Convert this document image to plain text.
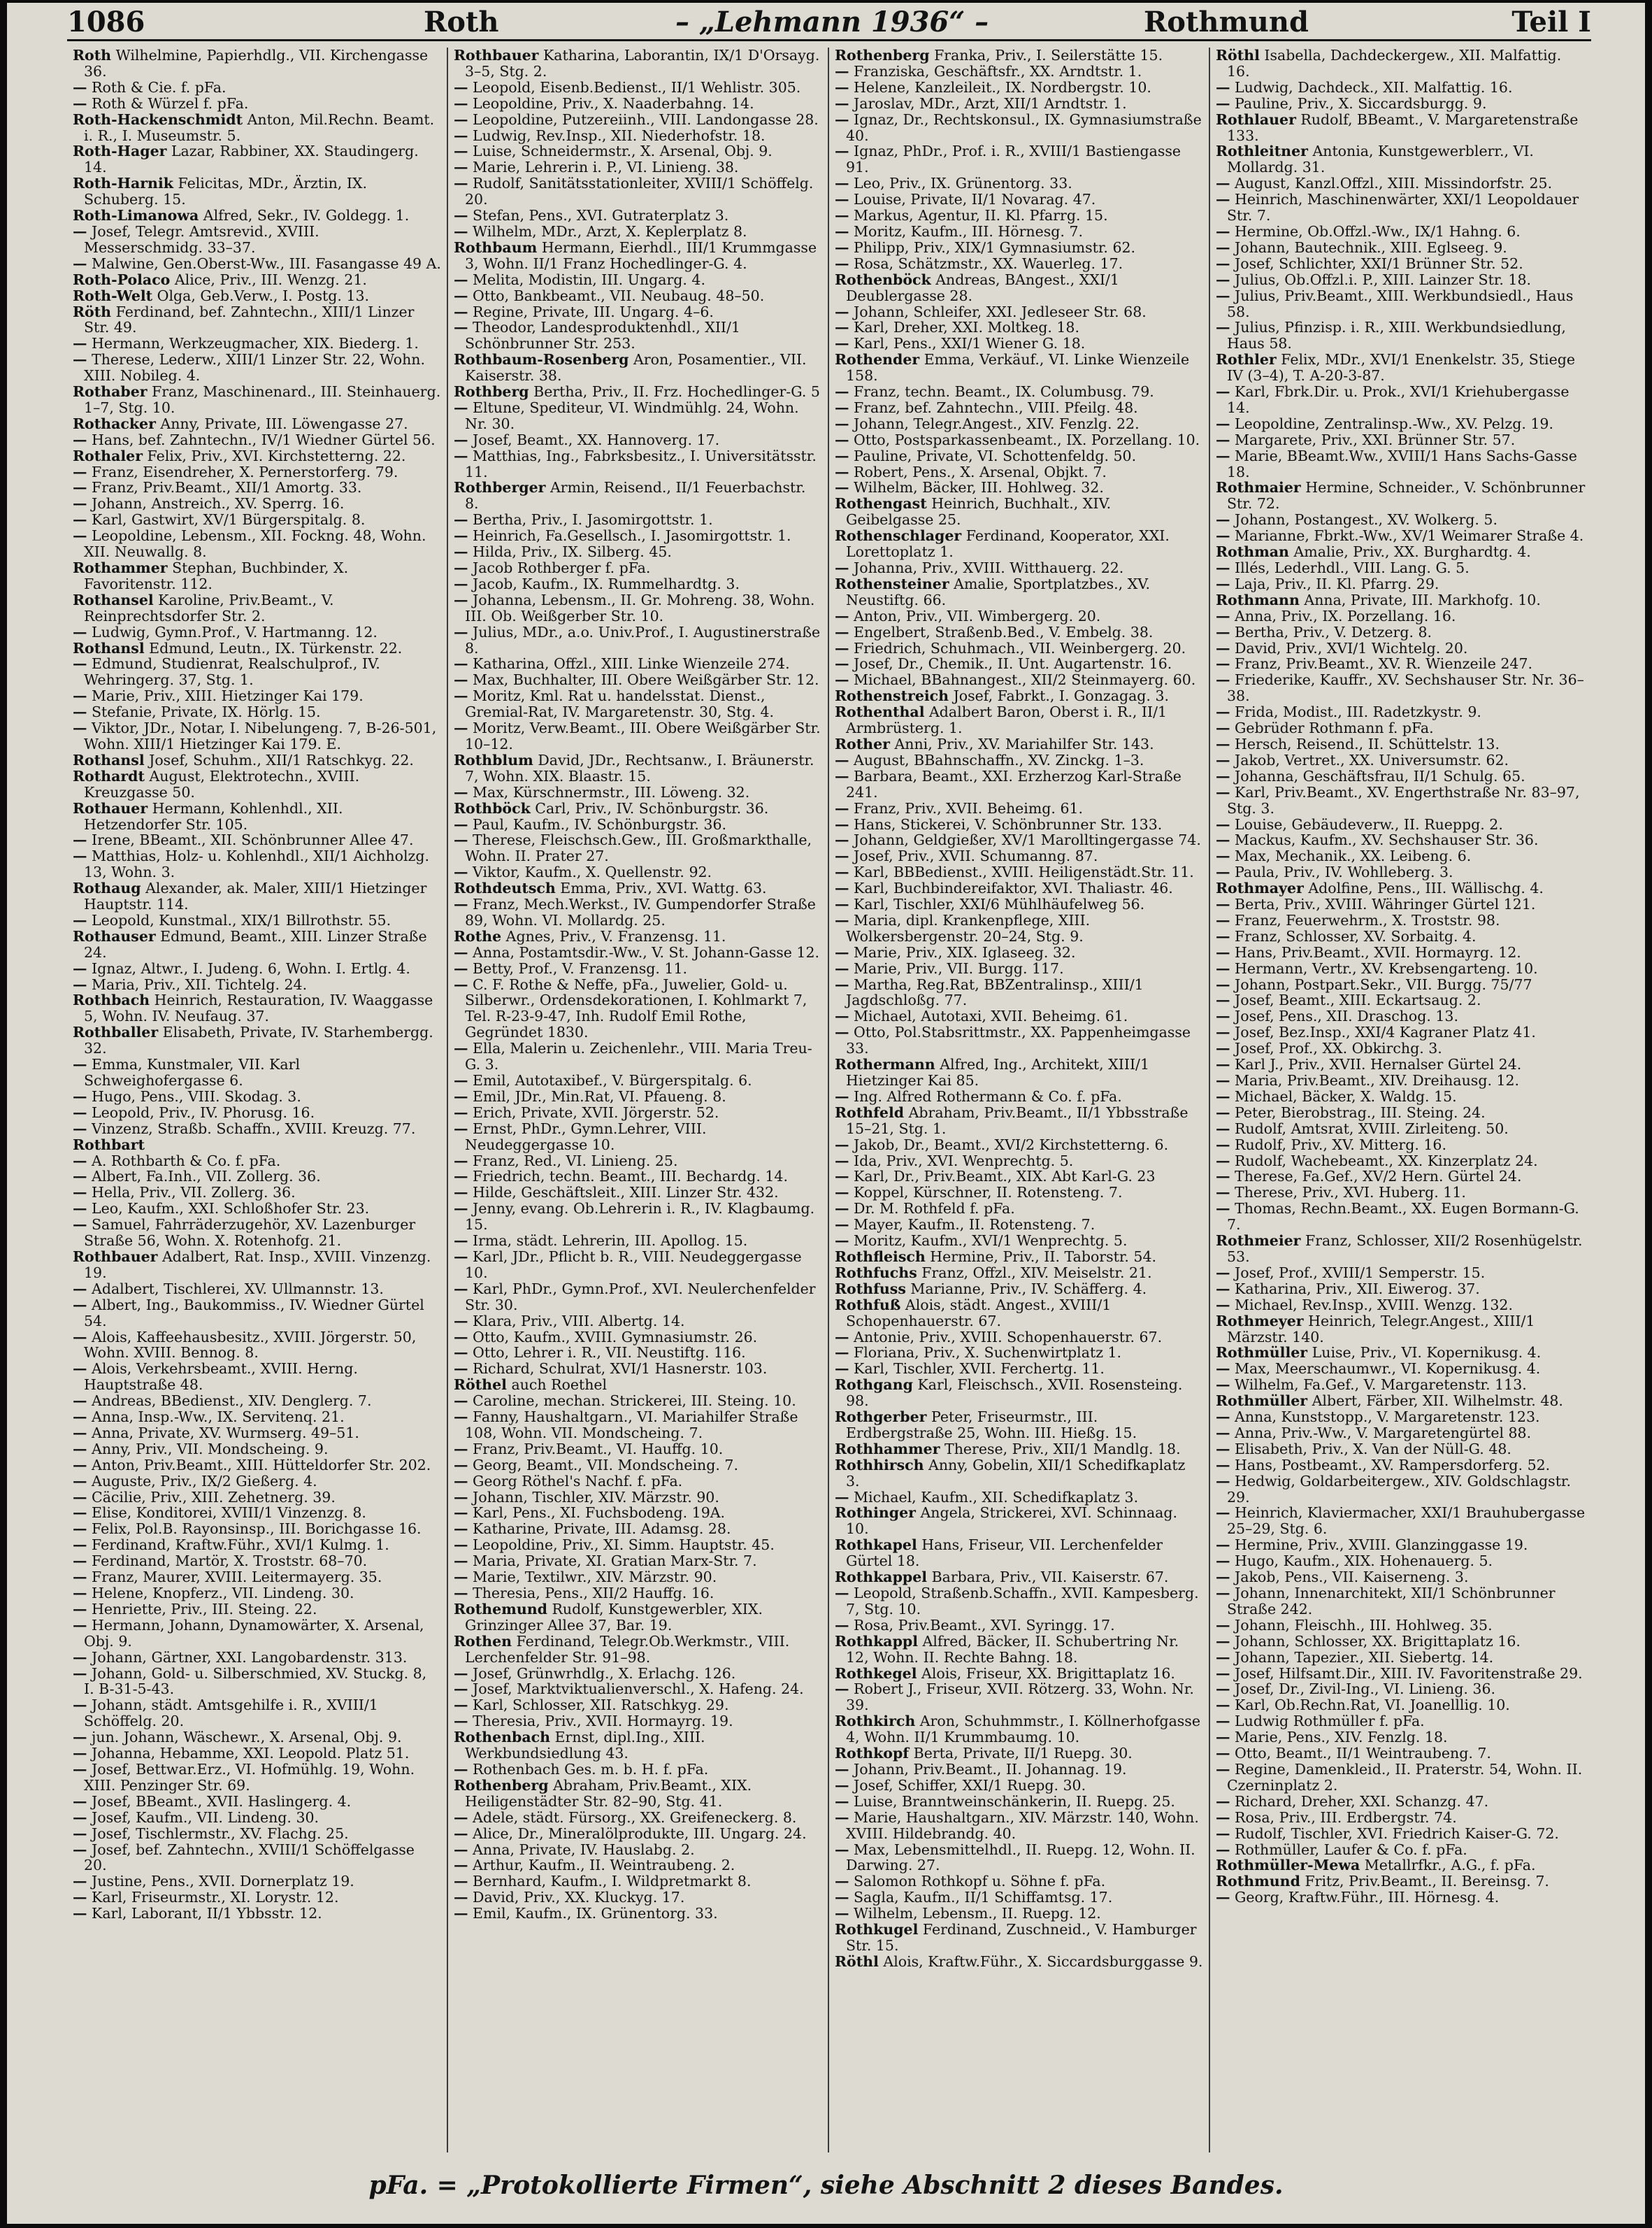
1086	Roth	– „Lehmann 1936“ –	Rothmund	Teil I
Roth Wilhelmine, Papierhdlg., VII. Kirchengasse 36.
— Roth & Cie. f. pFa.
— Roth & Würzel f. pFa.
Roth-Hackenschmidt Anton, Mil.Rechn. Beamt. i. R., I. Museumstr. 5.
Roth-Hager Lazar, Rabbiner, XX. Staudingerg. 14.
Roth-Harnik Felicitas, MDr., Ärztin, IX. Schuberg. 15.
Roth-Limanowa Alfred, Sekr., IV. Goldegg. 1.
— Josef, Telegr. Amtsrevid., XVIII. Messerschmidg. 33–37.
— Malwine, Gen.Oberst-Ww., III. Fasangasse 49 A.
Roth-Polaco Alice, Priv., III. Wenzg. 21.
Roth-Welt Olga, Geb.Verw., I. Postg. 13.
Röth Ferdinand, bef. Zahntechn., XIII/1 Linzer Str. 49.
— Hermann, Werkzeugmacher, XIX. Biederg. 1.
— Therese, Lederw., XIII/1 Linzer Str. 22, Wohn. XIII. Nobileg. 4.
Rothaber Franz, Maschinenard., III. Steinhauerg. 1–7, Stg. 10.
Rothacker Anny, Private, III. Löwengasse 27.
— Hans, bef. Zahntechn., IV/1 Wiedner Gürtel 56.
Rothaler Felix, Priv., XVI. Kirchstetterng. 22.
— Franz, Eisendreher, X. Pernerstorferg. 79.
— Franz, Priv.Beamt., XII/1 Amortg. 33.
— Johann, Anstreich., XV. Sperrg. 16.
— Karl, Gastwirt, XV/1 Bürgerspitalg. 8.
— Leopoldine, Lebensm., XII. Fockng. 48, Wohn. XII. Neuwallg. 8.
Rothammer Stephan, Buchbinder, X. Favoritenstr. 112.
Rothansel Karoline, Priv.Beamt., V. Reinprechtsdorfer Str. 2.
— Ludwig, Gymn.Prof., V. Hartmanng. 12.
Rothansl Edmund, Leutn., IX. Türkenstr. 22.
— Edmund, Studienrat, Realschulprof., IV. Wehringerg. 37, Stg. 1.
— Marie, Priv., XIII. Hietzinger Kai 179.
— Stefanie, Private, IX. Hörlg. 15.
— Viktor, JDr., Notar, I. Nibelungeng. 7, B-26-501, Wohn. XIII/1 Hietzinger Kai 179. E.
Rothansl Josef, Schuhm., XII/1 Ratschkyg. 22.
Rothardt August, Elektrotechn., XVIII. Kreuzgasse 50.
Rothauer Hermann, Kohlenhdl., XII. Hetzendorfer Str. 105.
— Irene, BBeamt., XII. Schönbrunner Allee 47.
— Matthias, Holz- u. Kohlenhdl., XII/1 Aichholzg. 13, Wohn. 3.
Rothaug Alexander, ak. Maler, XIII/1 Hietzinger Hauptstr. 114.
— Leopold, Kunstmal., XIX/1 Billrothstr. 55.
Rothauser Edmund, Beamt., XIII. Linzer Straße 24.
— Ignaz, Altwr., I. Judeng. 6, Wohn. I. Ertlg. 4.
— Maria, Priv., XII. Tichtelg. 24.
Rothbach Heinrich, Restauration, IV. Waaggasse 5, Wohn. IV. Neufaug. 37.
Rothballer Elisabeth, Private, IV. Starhembergg. 32.
— Emma, Kunstmaler, VII. Karl Schweighofergasse 6.
— Hugo, Pens., VIII. Skodag. 3.
— Leopold, Priv., IV. Phorusg. 16.
— Vinzenz, Straßb. Schaffn., XVIII. Kreuzg. 77.
Rothbart
— A. Rothbarth & Co. f. pFa.
— Albert, Fa.Inh., VII. Zollerg. 36.
— Hella, Priv., VII. Zollerg. 36.
— Leo, Kaufm., XXI. Schloßhofer Str. 23.
— Samuel, Fahrräderzugehör, XV. Lazenburger Straße 56, Wohn. X. Rotenhofg. 21.
Rothbauer Adalbert, Rat. Insp., XVIII. Vinzenzg. 19.
— Adalbert, Tischlerei, XV. Ullmannstr. 13.
— Albert, Ing., Baukommiss., IV. Wiedner Gürtel 54.
— Alois, Kaffeehausbesitz., XVIII. Jörgerstr. 50, Wohn. XVIII. Bennog. 8.
— Alois, Verkehrsbeamt., XVIII. Herng. Hauptstraße 48.
— Andreas, BBedienst., XIV. Denglerg. 7.
— Anna, Insp.-Ww., IX. Servitenq. 21.
— Anna, Private, XV. Wurmserg. 49–51.
— Anny, Priv., VII. Mondscheing. 9.
— Anton, Priv.Beamt., XIII. Hütteldorfer Str. 202.
— Auguste, Priv., IX/2 Gießerg. 4.
— Cäcilie, Priv., XIII. Zehetnerg. 39.
— Elise, Konditorei, XVIII/1 Vinzenzg. 8.
— Felix, Pol.B. Rayonsinsp., III. Borichgasse 16.
— Ferdinand, Kraftw.Führ., XVI/1 Kulmg. 1.
— Ferdinand, Martör, X. Troststr. 68–70.
— Franz, Maurer, XVIII. Leitermayerg. 35.
— Helene, Knopferz., VII. Lindeng. 30.
— Henriette, Priv., III. Steing. 22.
— Hermann, Johann, Dynamowärter, X. Arsenal, Obj. 9.
— Johann, Gärtner, XXI. Langobardenstr. 313.
— Johann, Gold- u. Silberschmied, XV. Stuckg. 8, I. B-31-5-43.
— Johann, städt. Amtsgehilfe i. R., XVIII/1 Schöffelg. 20.
— jun. Johann, Wäschewr., X. Arsenal, Obj. 9.
— Johanna, Hebamme, XXI. Leopold. Platz 51.
— Josef, Bettwar.Erz., VI. Hofmühlg. 19, Wohn. XIII. Penzinger Str. 69.
— Josef, BBeamt., XVII. Haslingerg. 4.
— Josef, Kaufm., VII. Lindeng. 30.
— Josef, Tischlermstr., XV. Flachg. 25.
— Josef, bef. Zahntechn., XVIII/1 Schöffelgasse 20.
— Justine, Pens., XVII. Dornerplatz 19.
— Karl, Friseurmstr., XI. Lorystr. 12.
— Karl, Laborant, II/1 Ybbsstr. 12.
Rothbauer Katharina, Laborantin, IX/1 D'Orsayg. 3–5, Stg. 2.
— Leopold, Eisenb.Bedienst., II/1 Wehlistr. 305.
— Leopoldine, Priv., X. Naaderbahng. 14.
— Leopoldine, Putzereiinh., VIII. Landongasse 28.
— Ludwig, Rev.Insp., XII. Niederhofstr. 18.
— Luise, Schneidermstr., X. Arsenal, Obj. 9.
— Marie, Lehrerin i. P., VI. Linieng. 38.
— Rudolf, Sanitätsstationleiter, XVIII/1 Schöffelg. 20.
— Stefan, Pens., XVI. Gutraterplatz 3.
— Wilhelm, MDr., Arzt, X. Keplerplatz 8.
Rothbaum Hermann, Eierhdl., III/1 Krummgasse 3, Wohn. II/1 Franz Hochedlinger-G. 4.
— Melita, Modistin, III. Ungarg. 4.
— Otto, Bankbeamt., VII. Neubaug. 48–50.
— Regine, Private, III. Ungarg. 4–6.
— Theodor, Landesproduktenhdl., XII/1 Schönbrunner Str. 253.
Rothbaum-Rosenberg Aron, Posamentier., VII. Kaiserstr. 38.
Rothberg Bertha, Priv., II. Frz. Hochedlinger-G. 5
— Eltune, Spediteur, VI. Windmühlg. 24, Wohn. Nr. 30.
— Josef, Beamt., XX. Hannoverg. 17.
— Matthias, Ing., Fabrksbesitz., I. Universitätsstr. 11.
Rothberger Armin, Reisend., II/1 Feuerbachstr. 8.
— Bertha, Priv., I. Jasomirgottstr. 1.
— Heinrich, Fa.Gesellsch., I. Jasomirgottstr. 1.
— Hilda, Priv., IX. Silberg. 45.
— Jacob Rothberger f. pFa.
— Jacob, Kaufm., IX. Rummelhardtg. 3.
— Johanna, Lebensm., II. Gr. Mohreng. 38, Wohn. III. Ob. Weißgerber Str. 10.
— Julius, MDr., a.o. Univ.Prof., I. Augustinerstraße 8.
— Katharina, Offzl., XIII. Linke Wienzeile 274.
— Max, Buchhalter, III. Obere Weißgärber Str. 12.
— Moritz, Kml. Rat u. handelsstat. Dienst., Gremial-Rat, IV. Margaretenstr. 30, Stg. 4.
— Moritz, Verw.Beamt., III. Obere Weißgärber Str. 10–12.
Rothblum David, JDr., Rechtsanw., I. Bräunerstr. 7, Wohn. XIX. Blaastr. 15.
— Max, Kürschnermstr., III. Löweng. 32.
Rothböck Carl, Priv., IV. Schönburgstr. 36.
— Paul, Kaufm., IV. Schönburgstr. 36.
— Therese, Fleischsch.Gew., III. Großmarkthalle, Wohn. II. Prater 27.
— Viktor, Kaufm., X. Quellenstr. 92.
Rothdeutsch Emma, Priv., XVI. Wattg. 63.
— Franz, Mech.Werkst., IV. Gumpendorfer Straße 89, Wohn. VI. Mollardg. 25.
Rothe Agnes, Priv., V. Franzensg. 11.
— Anna, Postamtsdir.-Ww., V. St. Johann-Gasse 12.
— Betty, Prof., V. Franzensg. 11.
— C. F. Rothe & Neffe, pFa., Juwelier, Gold- u. Silberwr., Ordensdekorationen, I. Kohlmarkt 7, Tel. R-23-9-47, Inh. Rudolf Emil Rothe, Gegründet 1830.
— Ella, Malerin u. Zeichenlehr., VIII. Maria Treu-G. 3.
— Emil, Autotaxibef., V. Bürgerspitalg. 6.
— Emil, JDr., Min.Rat, VI. Pfaueng. 8.
— Erich, Private, XVII. Jörgerstr. 52.
— Ernst, PhDr., Gymn.Lehrer, VIII. Neudeggergasse 10.
— Franz, Red., VI. Linieng. 25.
— Friedrich, techn. Beamt., III. Bechardg. 14.
— Hilde, Geschäftsleit., XIII. Linzer Str. 432.
— Jenny, evang. Ob.Lehrerin i. R., IV. Klagbaumg. 15.
— Irma, städt. Lehrerin, III. Apollog. 15.
— Karl, JDr., Pflicht b. R., VIII. Neudeggergasse 10.
— Karl, PhDr., Gymn.Prof., XVI. Neulerchenfelder Str. 30.
— Klara, Priv., VIII. Albertg. 14.
— Otto, Kaufm., XVIII. Gymnasiumstr. 26.
— Otto, Lehrer i. R., VII. Neustiftg. 116.
— Richard, Schulrat, XVI/1 Hasnerstr. 103.
Röthel auch Roethel
— Caroline, mechan. Strickerei, III. Steing. 10.
— Fanny, Haushaltgarn., VI. Mariahilfer Straße 108, Wohn. VII. Mondscheing. 7.
— Franz, Priv.Beamt., VI. Hauffg. 10.
— Georg, Beamt., VII. Mondscheing. 7.
— Georg Röthel's Nachf. f. pFa.
— Johann, Tischler, XIV. Märzstr. 90.
— Karl, Pens., XI. Fuchsbodeng. 19A.
— Katharine, Private, III. Adamsg. 28.
— Leopoldine, Priv., XI. Simm. Hauptstr. 45.
— Maria, Private, XI. Gratian Marx-Str. 7.
— Marie, Textilwr., XIV. Märzstr. 90.
— Theresia, Pens., XII/2 Hauffg. 16.
Rothemund Rudolf, Kunstgewerbler, XIX. Grinzinger Allee 37, Bar. 19.
Rothen Ferdinand, Telegr.Ob.Werkmstr., VIII. Lerchenfelder Str. 91–98.
— Josef, Grünwrhdlg., X. Erlachg. 126.
— Josef, Marktviktualienverschl., X. Hafeng. 24.
— Karl, Schlosser, XII. Ratschkyg. 29.
— Theresia, Priv., XVII. Hormayrg. 19.
Rothenbach Ernst, dipl.Ing., XIII. Werkbundsiedlung 43.
— Rothenbach Ges. m. b. H. f. pFa.
Rothenberg Abraham, Priv.Beamt., XIX. Heiligenstädter Str. 82–90, Stg. 41.
— Adele, städt. Fürsorg., XX. Greifeneckerg. 8.
— Alice, Dr., Mineralölprodukte, III. Ungarg. 24.
— Anna, Private, IV. Hauslabg. 2.
— Arthur, Kaufm., II. Weintraubeng. 2.
— Bernhard, Kaufm., I. Wildpretmarkt 8.
— David, Priv., XX. Kluckyg. 17.
— Emil, Kaufm., IX. Grünentorg. 33.
Rothenberg Franka, Priv., I. Seilerstätte 15.
— Franziska, Geschäftsfr., XX. Arndtstr. 1.
— Helene, Kanzleileit., IX. Nordbergstr. 10.
— Jaroslav, MDr., Arzt, XII/1 Arndtstr. 1.
— Ignaz, Dr., Rechtskonsul., IX. Gymnasiumstraße 40.
— Ignaz, PhDr., Prof. i. R., XVIII/1 Bastiengasse 91.
— Leo, Priv., IX. Grünentorg. 33.
— Louise, Private, II/1 Novarag. 47.
— Markus, Agentur, II. Kl. Pfarrg. 15.
— Moritz, Kaufm., III. Hörnesg. 7.
— Philipp, Priv., XIX/1 Gymnasiumstr. 62.
— Rosa, Schätzmstr., XX. Wauerleg. 17.
Rothenböck Andreas, BAngest., XXI/1 Deublergasse 28.
— Johann, Schleifer, XXI. Jedleseer Str. 68.
— Karl, Dreher, XXI. Moltkeg. 18.
— Karl, Pens., XXI/1 Wiener G. 18.
Rothender Emma, Verkäuf., VI. Linke Wienzeile 158.
— Franz, techn. Beamt., IX. Columbusg. 79.
— Franz, bef. Zahntechn., VIII. Pfeilg. 48.
— Johann, Telegr.Angest., XIV. Fenzlg. 22.
— Otto, Postsparkassenbeamt., IX. Porzellang. 10.
— Pauline, Private, VI. Schottenfeldg. 50.
— Robert, Pens., X. Arsenal, Objkt. 7.
— Wilhelm, Bäcker, III. Hohlweg. 32.
Rothengast Heinrich, Buchhalt., XIV. Geibelgasse 25.
Rothenschlager Ferdinand, Kooperator, XXI. Lorettoplatz 1.
— Johanna, Priv., XVIII. Witthauerg. 22.
Rothensteiner Amalie, Sportplatzbes., XV. Neustiftg. 66.
— Anton, Priv., VII. Wimbergerg. 20.
— Engelbert, Straßenb.Bed., V. Embelg. 38.
— Friedrich, Schuhmach., VII. Weinbergerg. 20.
— Josef, Dr., Chemik., II. Unt. Augartenstr. 16.
— Michael, BBahnangest., XII/2 Steinmayerg. 60.
Rothenstreich Josef, Fabrkt., I. Gonzagag. 3.
Rothenthal Adalbert Baron, Oberst i. R., II/1 Armbrüsterg. 1.
Rother Anni, Priv., XV. Mariahilfer Str. 143.
— August, BBahnschaffn., XV. Zinckg. 1–3.
— Barbara, Beamt., XXI. Erzherzog Karl-Straße 241.
— Franz, Priv., XVII. Beheimg. 61.
— Hans, Stickerei, V. Schönbrunner Str. 133.
— Johann, Geldgießer, XV/1 Marolltingergasse 74.
— Josef, Priv., XVII. Schumanng. 87.
— Karl, BBBedienst., XVIII. Heiligenstädt.Str. 11.
— Karl, Buchbindereifaktor, XVI. Thaliastr. 46.
— Karl, Tischler, XXI/6 Mühlhäufelweg 56.
— Maria, dipl. Krankenpflege, XIII. Wolkersbergenstr. 20–24, Stg. 9.
— Marie, Priv., XIX. Iglaseeg. 32.
— Marie, Priv., VII. Burgg. 117.
— Martha, Reg.Rat, BBZentralinsp., XIII/1 Jagdschloßg. 77.
— Michael, Autotaxi, XVII. Beheimg. 61.
— Otto, Pol.Stabsrittmstr., XX. Pappenheimgasse 33.
Rothermann Alfred, Ing., Architekt, XIII/1 Hietzinger Kai 85.
— Ing. Alfred Rothermann & Co. f. pFa.
Rothfeld Abraham, Priv.Beamt., II/1 Ybbsstraße 15–21, Stg. 1.
— Jakob, Dr., Beamt., XVI/2 Kirchstetterng. 6.
— Ida, Priv., XVI. Wenprechtg. 5.
— Karl, Dr., Priv.Beamt., XIX. Abt Karl-G. 23
— Koppel, Kürschner, II. Rotensteng. 7.
— Dr. M. Rothfeld f. pFa.
— Mayer, Kaufm., II. Rotensteng. 7.
— Moritz, Kaufm., XVI/1 Wenprechtg. 5.
Rothfleisch Hermine, Priv., II. Taborstr. 54.
Rothfuchs Franz, Offzl., XIV. Meiselstr. 21.
Rothfuss Marianne, Priv., IV. Schäfferg. 4.
Rothfuß Alois, städt. Angest., XVIII/1 Schopenhauerstr. 67.
— Antonie, Priv., XVIII. Schopenhauerstr. 67.
— Floriana, Priv., X. Suchenwirtplatz 1.
— Karl, Tischler, XVII. Ferchertg. 11.
Rothgang Karl, Fleischsch., XVII. Rosensteing. 98.
Rothgerber Peter, Friseurmstr., III. Erdbergstraße 25, Wohn. III. Hießg. 15.
Rothhammer Therese, Priv., XII/1 Mandlg. 18.
Rothhirsch Anny, Gobelin, XII/1 Schedifkaplatz 3.
— Michael, Kaufm., XII. Schedifkaplatz 3.
Rothinger Angela, Strickerei, XVI. Schinnaag. 10.
Rothkapel Hans, Friseur, VII. Lerchenfelder Gürtel 18.
Rothkappel Barbara, Priv., VII. Kaiserstr. 67.
— Leopold, Straßenb.Schaffn., XVII. Kampesberg. 7, Stg. 10.
— Rosa, Priv.Beamt., XVI. Syringg. 17.
Rothkappl Alfred, Bäcker, II. Schubertring Nr. 12, Wohn. II. Rechte Bahng. 18.
Rothkegel Alois, Friseur, XX. Brigittaplatz 16.
— Robert J., Friseur, XVII. Rötzerg. 33, Wohn. Nr. 39.
Rothkirch Aron, Schuhmmstr., I. Köllnerhofgasse 4, Wohn. II/1 Krummbaumg. 10.
Rothkopf Berta, Private, II/1 Ruepg. 30.
— Johann, Priv.Beamt., II. Johannag. 19.
— Josef, Schiffer, XXI/1 Ruepg. 30.
— Luise, Branntweinschänkerin, II. Ruepg. 25.
— Marie, Haushaltgarn., XIV. Märzstr. 140, Wohn. XVIII. Hildebrandg. 40.
— Max, Lebensmittelhdl., II. Ruepg. 12, Wohn. II. Darwing. 27.
— Salomon Rothkopf u. Söhne f. pFa.
— Sagla, Kaufm., II/1 Schiffamtsg. 17.
— Wilhelm, Lebensm., II. Ruepg. 12.
Rothkugel Ferdinand, Zuschneid., V. Hamburger Str. 15.
Röthl Alois, Kraftw.Führ., X. Siccardsburggasse 9.
Röthl Isabella, Dachdeckergew., XII. Malfattig. 16.
— Ludwig, Dachdeck., XII. Malfattig. 16.
— Pauline, Priv., X. Siccardsburgg. 9.
Rothlauer Rudolf, BBeamt., V. Margaretenstraße 133.
Rothleitner Antonia, Kunstgewerblerr., VI. Mollardg. 31.
— August, Kanzl.Offzl., XIII. Missindorfstr. 25.
— Heinrich, Maschinenwärter, XXI/1 Leopoldauer Str. 7.
— Hermine, Ob.Offzl.-Ww., IX/1 Hahng. 6.
— Johann, Bautechnik., XIII. Eglseeg. 9.
— Josef, Schlichter, XXI/1 Brünner Str. 52.
— Julius, Ob.Offzl.i. P., XIII. Lainzer Str. 18.
— Julius, Priv.Beamt., XIII. Werkbundsiedl., Haus 58.
— Julius, Pfinzisp. i. R., XIII. Werkbundsiedlung, Haus 58.
Rothler Felix, MDr., XVI/1 Enenkelstr. 35, Stiege IV (3–4), T. A-20-3-87.
— Karl, Fbrk.Dir. u. Prok., XVI/1 Kriehubergasse 14.
— Leopoldine, Zentralinsp.-Ww., XV. Pelzg. 19.
— Margarete, Priv., XXI. Brünner Str. 57.
— Marie, BBeamt.Ww., XVIII/1 Hans Sachs-Gasse 18.
Rothmaier Hermine, Schneider., V. Schönbrunner Str. 72.
— Johann, Postangest., XV. Wolkerg. 5.
— Marianne, Fbrkt.-Ww., XV/1 Weimarer Straße 4.
Rothman Amalie, Priv., XX. Burghardtg. 4.
— Illés, Lederhdl., VIII. Lang. G. 5.
— Laja, Priv., II. Kl. Pfarrg. 29.
Rothmann Anna, Private, III. Markhofg. 10.
— Anna, Priv., IX. Porzellang. 16.
— Bertha, Priv., V. Detzerg. 8.
— David, Priv., XVI/1 Wichtelg. 20.
— Franz, Priv.Beamt., XV. R. Wienzeile 247.
— Friederike, Kauffr., XV. Sechshauser Str. Nr. 36–38.
— Frida, Modist., III. Radetzkystr. 9.
— Gebrüder Rothmann f. pFa.
— Hersch, Reisend., II. Schüttelstr. 13.
— Jakob, Vertret., XX. Universumstr. 62.
— Johanna, Geschäftsfrau, II/1 Schulg. 65.
— Karl, Priv.Beamt., XV. Engerthstraße Nr. 83–97, Stg. 3.
— Louise, Gebäudeverw., II. Rueppg. 2.
— Mackus, Kaufm., XV. Sechshauser Str. 36.
— Max, Mechanik., XX. Leibeng. 6.
— Paula, Priv., IV. Wohlleberg. 3.
Rothmayer Adolfine, Pens., III. Wällischg. 4.
— Berta, Priv., XVIII. Währinger Gürtel 121.
— Franz, Feuerwehrm., X. Troststr. 98.
— Franz, Schlosser, XV. Sorbaitg. 4.
— Hans, Priv.Beamt., XVII. Hormayrg. 12.
— Hermann, Vertr., XV. Krebsengarteng. 10.
— Johann, Postpart.Sekr., VII. Burgg. 75/77
— Josef, Beamt., XIII. Eckartsaug. 2.
— Josef, Pens., XII. Draschog. 13.
— Josef, Bez.Insp., XXI/4 Kagraner Platz 41.
— Josef, Prof., XX. Obkirchg. 3.
— Karl J., Priv., XVII. Hernalser Gürtel 24.
— Maria, Priv.Beamt., XIV. Dreihausg. 12.
— Michael, Bäcker, X. Waldg. 15.
— Peter, Bierobstrag., III. Steing. 24.
— Rudolf, Amtsrat, XVIII. Zirleiteng. 50.
— Rudolf, Priv., XV. Mitterg. 16.
— Rudolf, Wachebeamt., XX. Kinzerplatz 24.
— Therese, Fa.Gef., XV/2 Hern. Gürtel 24.
— Therese, Priv., XVI. Huberg. 11.
— Thomas, Rechn.Beamt., XX. Eugen Bormann-G. 7.
Rothmeier Franz, Schlosser, XII/2 Rosenhügelstr. 53.
— Josef, Prof., XVIII/1 Semperstr. 15.
— Katharina, Priv., XII. Eiwerog. 37.
— Michael, Rev.Insp., XVIII. Wenzg. 132.
Rothmeyer Heinrich, Telegr.Angest., XIII/1 Märzstr. 140.
Rothmüller Luise, Priv., VI. Kopernikusg. 4.
— Max, Meerschaumwr., VI. Kopernikusg. 4.
— Wilhelm, Fa.Gef., V. Margaretenstr. 113.
Rothmüller Albert, Färber, XII. Wilhelmstr. 48.
— Anna, Kunststopp., V. Margaretenstr. 123.
— Anna, Priv.-Ww., V. Margaretengürtel 88.
— Elisabeth, Priv., X. Van der Nüll-G. 48.
— Hans, Postbeamt., XV. Rampersdorferg. 52.
— Hedwig, Goldarbeitergew., XIV. Goldschlagstr. 29.
— Heinrich, Klaviermacher, XXI/1 Brauhubergasse 25–29, Stg. 6.
— Hermine, Priv., XVIII. Glanzinggasse 19.
— Hugo, Kaufm., XIX. Hohenauerg. 5.
— Jakob, Pens., VII. Kaiserneng. 3.
— Johann, Innenarchitekt, XII/1 Schönbrunner Straße 242.
— Johann, Fleischh., III. Hohlweg. 35.
— Johann, Schlosser, XX. Brigittaplatz 16.
— Johann, Tapezier., XII. Siebertg. 14.
— Josef, Hilfsamt.Dir., XIII. IV. Favoritenstraße 29.
— Josef, Dr., Zivil-Ing., VI. Linieng. 36.
— Karl, Ob.Rechn.Rat, VI. Joanelllig. 10.
— Ludwig Rothmüller f. pFa.
— Marie, Pens., XIV. Fenzlg. 18.
— Otto, Beamt., II/1 Weintraubeng. 7.
— Regine, Damenkleid., II. Praterstr. 54, Wohn. II. Czerninplatz 2.
— Richard, Dreher, XXI. Schanzg. 47.
— Rosa, Priv., III. Erdbergstr. 74.
— Rudolf, Tischler, XVI. Friedrich Kaiser-G. 72.
— Rothmüller, Laufer & Co. f. pFa.
Rothmüller-Mewa Metallrfkr., A.G., f. pFa.
Rothmund Fritz, Priv.Beamt., II. Bereinsg. 7.
— Georg, Kraftw.Führ., III. Hörnesg. 4.
pFa. = „Protokollierte Firmen“, siehe Abschnitt 2 dieses Bandes.
